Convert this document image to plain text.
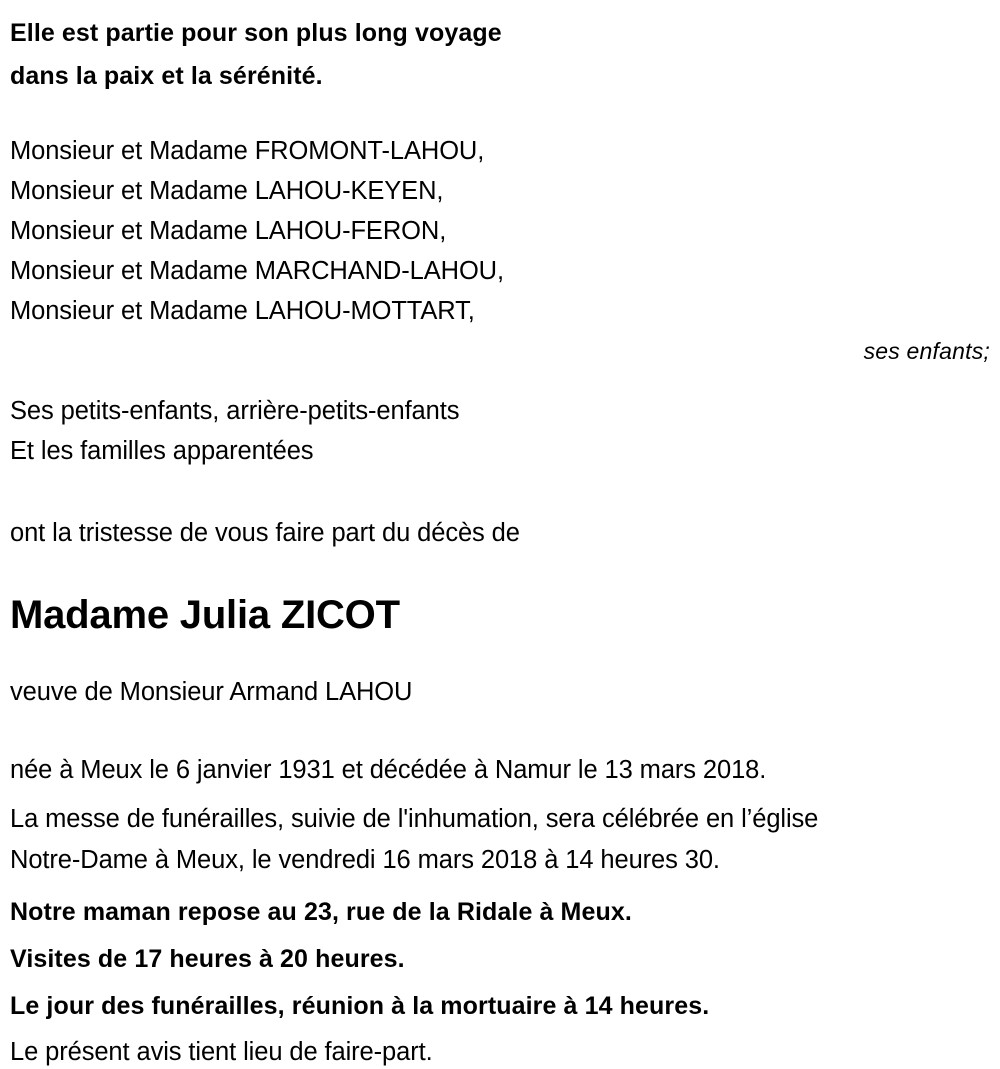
Elle est partie pour son plus long voyage
dans la paix et la sérénité.
Monsieur et Madame FROMONT-LAHOU,
Monsieur et Madame LAHOU-KEYEN,
Monsieur et Madame LAHOU-FERON,
Monsieur et Madame MARCHAND-LAHOU,
Monsieur et Madame LAHOU-MOTTART,
ses enfants;
Ses petits-enfants, arrière-petits-enfants
Et les familles apparentées
ont la tristesse de vous faire part du décès de
Madame Julia ZICOT
veuve de Monsieur Armand LAHOU
née à Meux le 6 janvier 1931 et décédée à Namur le 13 mars 2018.
La messe de funérailles, suivie de l'inhumation, sera célébrée en l’église
Notre-Dame à Meux, le vendredi 16 mars 2018 à 14 heures 30.
Notre maman repose au 23, rue de la Ridale à Meux.
Visites de 17 heures à 20 heures.
Le jour des funérailles, réunion à la mortuaire à 14 heures.
Le présent avis tient lieu de faire-part.
